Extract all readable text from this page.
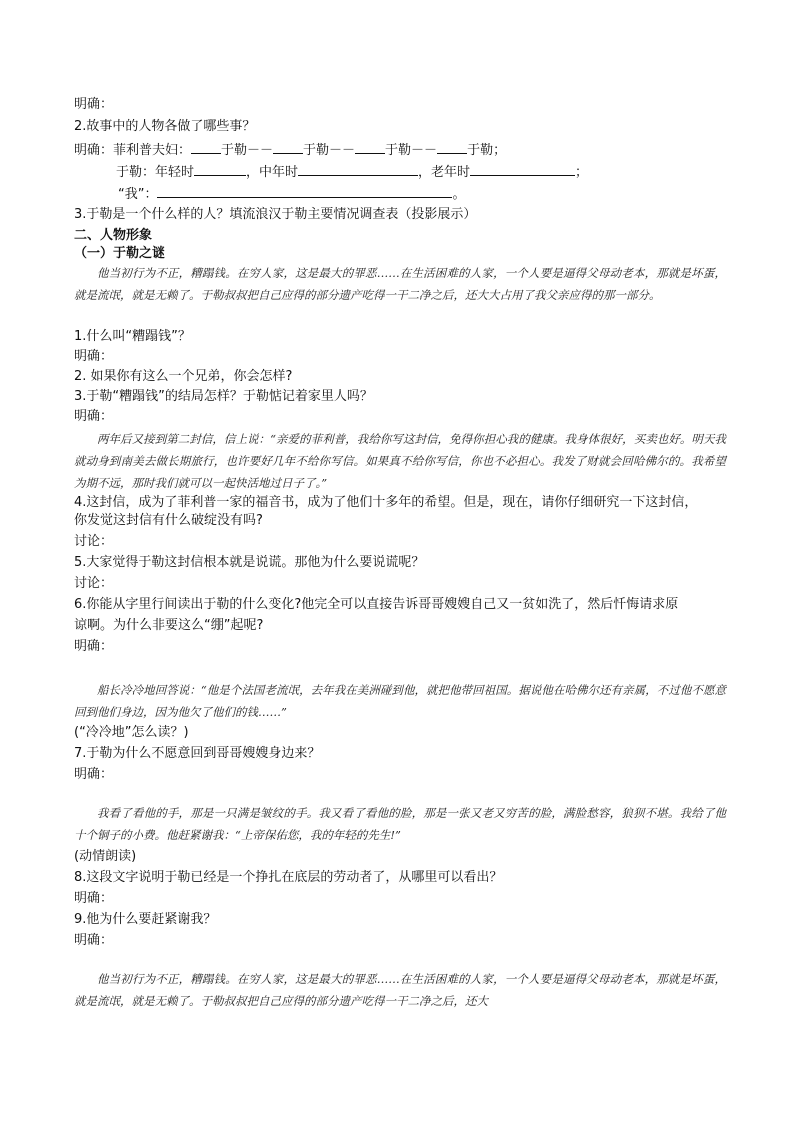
明确：
2.故事中的人物各做了哪些事？
明确：菲利普夫妇： 于勒－－ 于勒－－ 于勒－－ 于勒；
于勒：年轻时	，中年时	，老年时	；
“我”：	。
3.于勒是一个什么样的人？填流浪汉于勒主要情况调查表（投影展示）
二、人物形象
（一）于勒之谜
他当初行为不正，糟蹋钱。在穷人家，这是最大的罪恶……在生活困难的人家，一个人要是逼得父母动老本，那就是坏蛋，就是流氓，就是无赖了。于勒叔叔把自己应得的部分遗产吃得一干二净之后，还大大占用了我父亲应得的那一部分。
1.什么叫“糟蹋钱”？
明确：
2. 如果你有这么一个兄弟，你会怎样?
3.于勒“糟蹋钱”的结局怎样？于勒惦记着家里人吗？
明确：
两年后又接到第二封信，信上说：“亲爱的菲利普，我给你写这封信，免得你担心我的健康。我身体很好，买卖也好。明天我就动身到南美去做长期旅行，也许要好几年不给你写信。如果真不给你写信，你也不必担心。我发了财就会回哈佛尔的。我希望为期不远，那时我们就可以一起快活地过日子了。”
4.这封信，成为了菲利普一家的福音书，成为了他们十多年的希望。但是，现在，请你仔细研究一下这封信，
你发觉这封信有什么破绽没有吗?
讨论：
5.大家觉得于勒这封信根本就是说谎。那他为什么要说谎呢？
讨论：
6.你能从字里行间读出于勒的什么变化?他完全可以直接告诉哥哥嫂嫂自己又一贫如洗了，然后忏悔请求原
谅啊。为什么非要这么“绷”起呢?
明确：
船长冷冷地回答说：“他是个法国老流氓，去年我在美洲碰到他，就把他带回祖国。据说他在哈佛尔还有亲属，不过他不愿意回到他们身边，因为他欠了他们的钱……”
(“冷冷地”怎么读？)
7.于勒为什么不愿意回到哥哥嫂嫂身边来？
明确：
我看了看他的手，那是一只满是皱纹的手。我又看了看他的脸，那是一张又老又穷苦的脸，满脸愁容，狼狈不堪。我给了他十个铜子的小费。他赶紧谢我：“上帝保佑您，我的年轻的先生!”
(动情朗读)
8.这段文字说明于勒已经是一个挣扎在底层的劳动者了，从哪里可以看出？
明确：
9.他为什么要赶紧谢我？
明确：
他当初行为不正，糟蹋钱。在穷人家，这是最大的罪恶……在生活困难的人家，一个人要是逼得父母动老本，那就是坏蛋，就是流氓，就是无赖了。于勒叔叔把自己应得的部分遗产吃得一干二净之后，还大
